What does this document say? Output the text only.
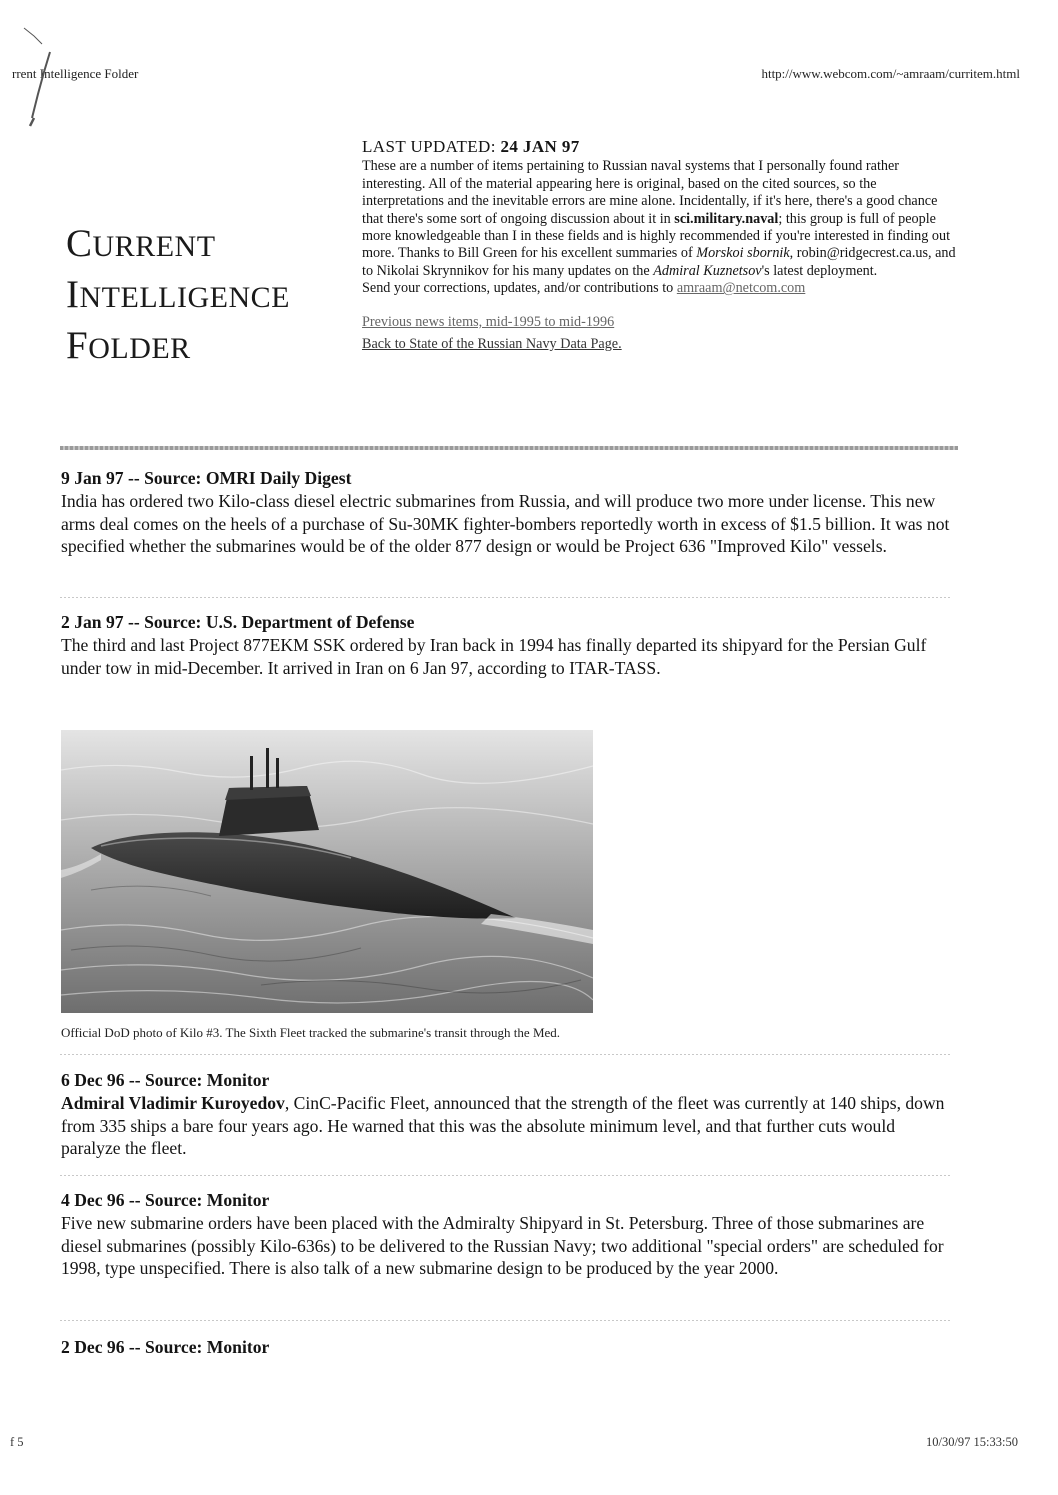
rrent Intelligence Folder	http://www.webcom.com/~amraam/curritem.html
CURRENT
INTELLIGENCE
FOLDER
LAST UPDATED: 24 JAN 97

These are a number of items pertaining to Russian naval systems that I personally found rather interesting. All of the material appearing here is original, based on the cited sources, so the interpretations and the inevitable errors are mine alone. Incidentally, if it's here, there's a good chance that there's some sort of ongoing discussion about it in sci.military.naval; this group is full of people more knowledgeable than I in these fields and is highly recommended if you're interested in finding out more. Thanks to Bill Green for his excellent summaries of Morskoi sbornik, robin@ridgecrest.ca.us, and to Nikolai Skrynnikov for his many updates on the Admiral Kuznetsov's latest deployment.

Send your corrections, updates, and/or contributions to amraam@netcom.com

Previous news items, mid-1995 to mid-1996
Back to State of the Russian Navy Data Page.
9 Jan 97 -- Source: OMRI Daily Digest

India has ordered two Kilo-class diesel electric submarines from Russia, and will produce two more under license. This new arms deal comes on the heels of a purchase of Su-30MK fighter-bombers reportedly worth in excess of $1.5 billion. It was not specified whether the submarines would be of the older 877 design or would be Project 636 "Improved Kilo" vessels.

2 Jan 97 -- Source: U.S. Department of Defense

The third and last Project 877EKM SSK ordered by Iran back in 1994 has finally departed its shipyard for the Persian Gulf under tow in mid-December. It arrived in Iran on 6 Jan 97, according to ITAR-TASS.

Official DoD photo of Kilo #3. The Sixth Fleet tracked the submarine's transit through the Med.
6 Dec 96 -- Source: Monitor

Admiral Vladimir Kuroyedov, CinC-Pacific Fleet, announced that the strength of the fleet was currently at 140 ships, down from 335 ships a bare four years ago. He warned that this was the absolute minimum level, and that further cuts would paralyze the fleet.

4 Dec 96 -- Source: Monitor

Five new submarine orders have been placed with the Admiralty Shipyard in St. Petersburg. Three of those submarines are diesel submarines (possibly Kilo-636s) to be delivered to the Russian Navy; two additional "special orders" are scheduled for 1998, type unspecified. There is also talk of a new submarine design to be produced by the year 2000.

2 Dec 96 -- Source: Monitor
f 5	10/30/97 15:33:50
